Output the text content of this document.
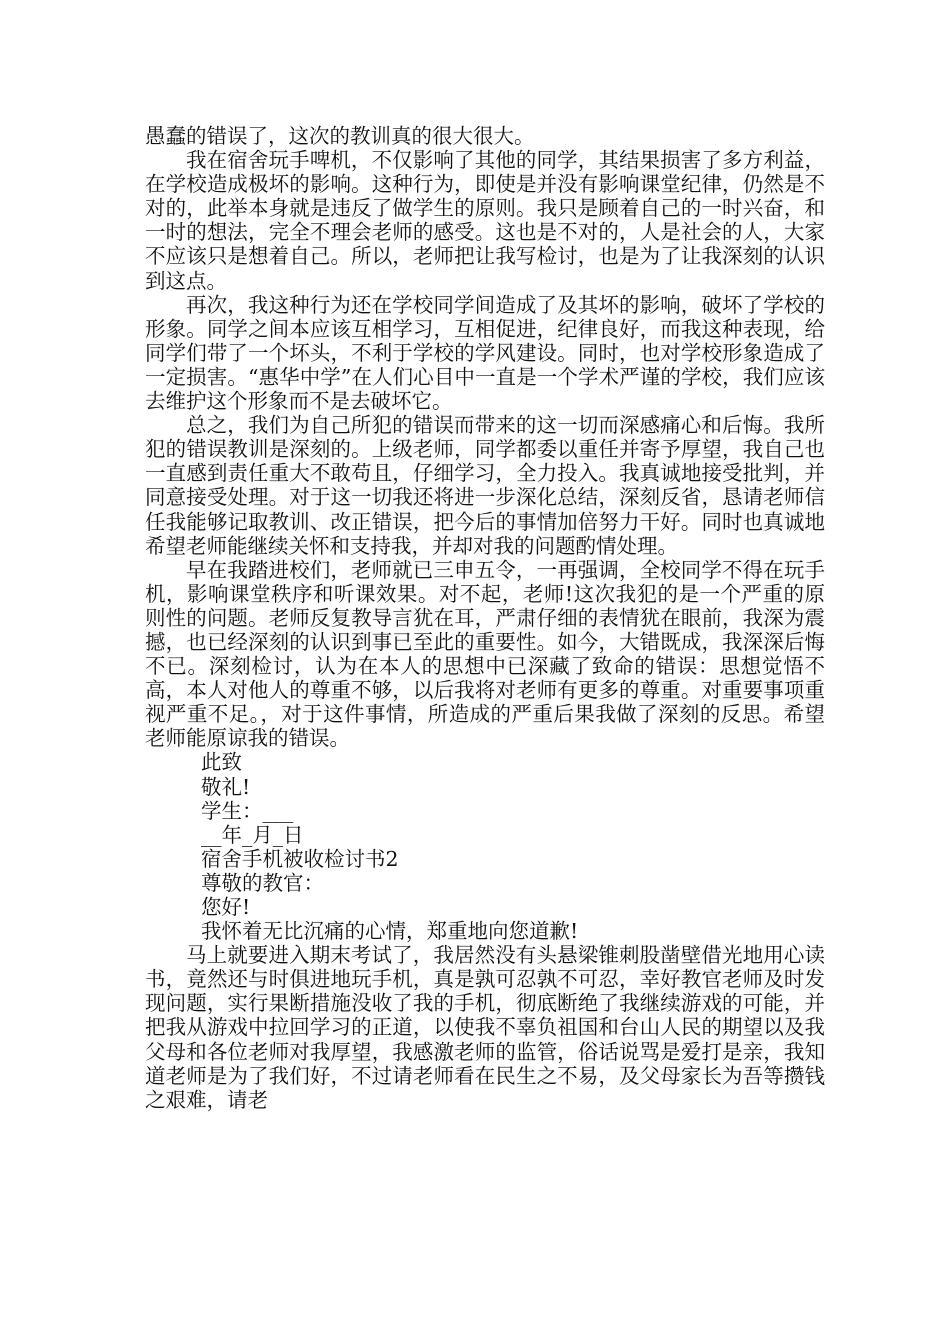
愚蠢的错误了，这次的教训真的很大很大。

我在宿舍玩手啤机，不仅影响了其他的同学，其结果损害了多方利益，在学校造成极坏的影响。这种行为，即使是并没有影响课堂纪律，仍然是不对的，此举本身就是违反了做学生的原则。我只是顾着自己的一时兴奋，和一时的想法，完全不理会老师的感受。这也是不对的，人是社会的人，大家不应该只是想着自己。所以，老师把让我写检讨，也是为了让我深刻的认识到这点。

再次，我这种行为还在学校同学间造成了及其坏的影响，破坏了学校的形象。同学之间本应该互相学习，互相促进，纪律良好，而我这种表现，给同学们带了一个坏头，不利于学校的学风建设。同时，也对学校形象造成了一定损害。“惠华中学”在人们心目中一直是一个学术严谨的学校，我们应该去维护这个形象而不是去破坏它。

总之，我们为自己所犯的错误而带来的这一切而深感痛心和后悔。我所犯的错误教训是深刻的。上级老师，同学都委以重任并寄予厚望，我自己也一直感到责任重大不敢苟且，仔细学习，全力投入。我真诚地接受批判，并同意接受处理。对于这一切我还将进一步深化总结，深刻反省，恳请老师信任我能够记取教训、改正错误，把今后的事情加倍努力干好。同时也真诚地希望老师能继续关怀和支持我，并却对我的问题酌情处理。

早在我踏进校们，老师就已三申五令，一再强调，全校同学不得在玩手机，影响课堂秩序和听课效果。对不起，老师!这次我犯的是一个严重的原则性的问题。老师反复教导言犹在耳，严肃仔细的表情犹在眼前，我深为震撼，也已经深刻的认识到事已至此的重要性。如今，大错既成，我深深后悔不已。深刻检讨，认为在本人的思想中已深藏了致命的错误：思想觉悟不高，本人对他人的尊重不够，以后我将对老师有更多的尊重。对重要事项重视严重不足。，对于这件事情，所造成的严重后果我做了深刻的反思。希望老师能原谅我的错误。

此致

敬礼!

学生：___

__年_月_日

宿舍手机被收检讨书2

尊敬的教官：

您好!

我怀着无比沉痛的心情，郑重地向您道歉!

马上就要进入期末考试了，我居然没有头悬梁锥刺股凿壁借光地用心读书，竟然还与时俱进地玩手机，真是孰可忍孰不可忍，幸好教官老师及时发现问题，实行果断措施没收了我的手机，彻底断绝了我继续游戏的可能，并把我从游戏中拉回学习的正道，以使我不辜负祖国和台山人民的期望以及我父母和各位老师对我厚望，我感激老师的监管，俗话说骂是爱打是亲，我知道老师是为了我们好，不过请老师看在民生之不易，及父母家长为吾等攒钱之艰难，请老
